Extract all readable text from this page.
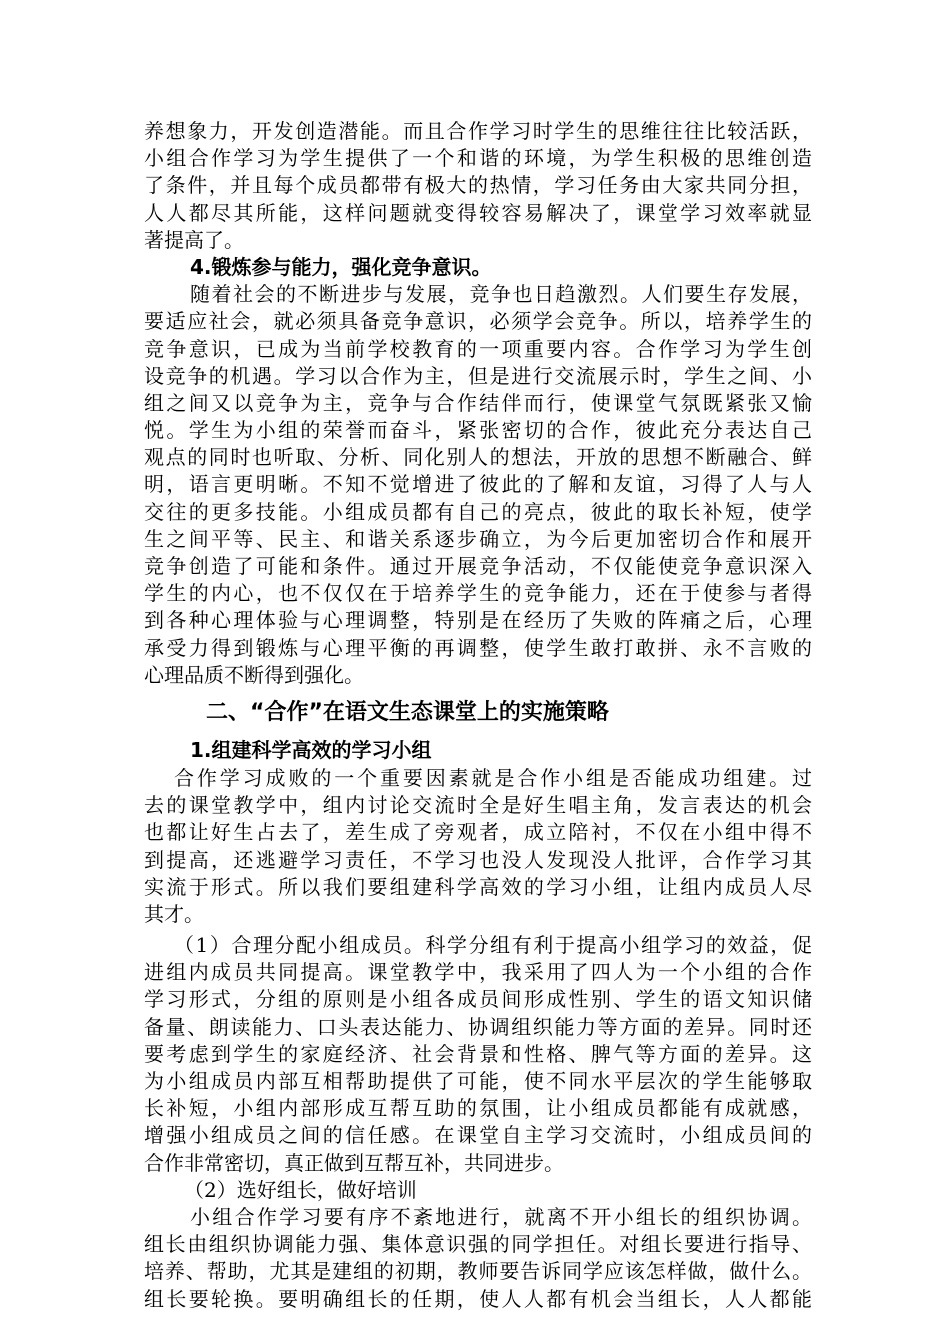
养想象力，开发创造潜能。而且合作学习时学生的思维往往比较活跃，
小组合作学习为学生提供了一个和谐的环境，为学生积极的思维创造
了条件，并且每个成员都带有极大的热情，学习任务由大家共同分担，
人人都尽其所能，这样问题就变得较容易解决了，课堂学习效率就显
著提高了。
4.锻炼参与能力，强化竞争意识。
随着社会的不断进步与发展，竞争也日趋激烈。人们要生存发展，
要适应社会，就必须具备竞争意识，必须学会竞争。所以，培养学生的
竞争意识，已成为当前学校教育的一项重要内容。合作学习为学生创
设竞争的机遇。学习以合作为主，但是进行交流展示时，学生之间、小
组之间又以竞争为主，竞争与合作结伴而行，使课堂气氛既紧张又愉
悦。学生为小组的荣誉而奋斗，紧张密切的合作，彼此充分表达自己
观点的同时也听取、分析、同化别人的想法，开放的思想不断融合、鲜
明，语言更明晰。不知不觉增进了彼此的了解和友谊，习得了人与人
交往的更多技能。小组成员都有自己的亮点，彼此的取长补短，使学
生之间平等、民主、和谐关系逐步确立，为今后更加密切合作和展开
竞争创造了可能和条件。通过开展竞争活动，不仅能使竞争意识深入
学生的内心，也不仅仅在于培养学生的竞争能力，还在于使参与者得
到各种心理体验与心理调整，特别是在经历了失败的阵痛之后，心理
承受力得到锻炼与心理平衡的再调整，使学生敢打敢拼、永不言败的
心理品质不断得到强化。
二、“合作”在语文生态课堂上的实施策略
1.组建科学高效的学习小组
合作学习成败的一个重要因素就是合作小组是否能成功组建。过
去的课堂教学中，组内讨论交流时全是好生唱主角，发言表达的机会
也都让好生占去了，差生成了旁观者，成立陪衬，不仅在小组中得不
到提高，还逃避学习责任，不学习也没人发现没人批评，合作学习其
实流于形式。所以我们要组建科学高效的学习小组，让组内成员人尽
其才。
（1）合理分配小组成员。科学分组有利于提高小组学习的效益，促
进组内成员共同提高。课堂教学中，我采用了四人为一个小组的合作
学习形式，分组的原则是小组各成员间形成性别、学生的语文知识储
备量、朗读能力、口头表达能力、协调组织能力等方面的差异。同时还
要考虑到学生的家庭经济、社会背景和性格、脾气等方面的差异。这
为小组成员内部互相帮助提供了可能，使不同水平层次的学生能够取
长补短，小组内部形成互帮互助的氛围，让小组成员都能有成就感，
增强小组成员之间的信任感。在课堂自主学习交流时，小组成员间的
合作非常密切，真正做到互帮互补，共同进步。
（2）选好组长，做好培训
小组合作学习要有序不紊地进行，就离不开小组长的组织协调。
组长由组织协调能力强、集体意识强的同学担任。对组长要进行指导、
培养、帮助，尤其是建组的初期，教师要告诉同学应该怎样做，做什么。
组长要轮换。要明确组长的任期，使人人都有机会当组长，人人都能
